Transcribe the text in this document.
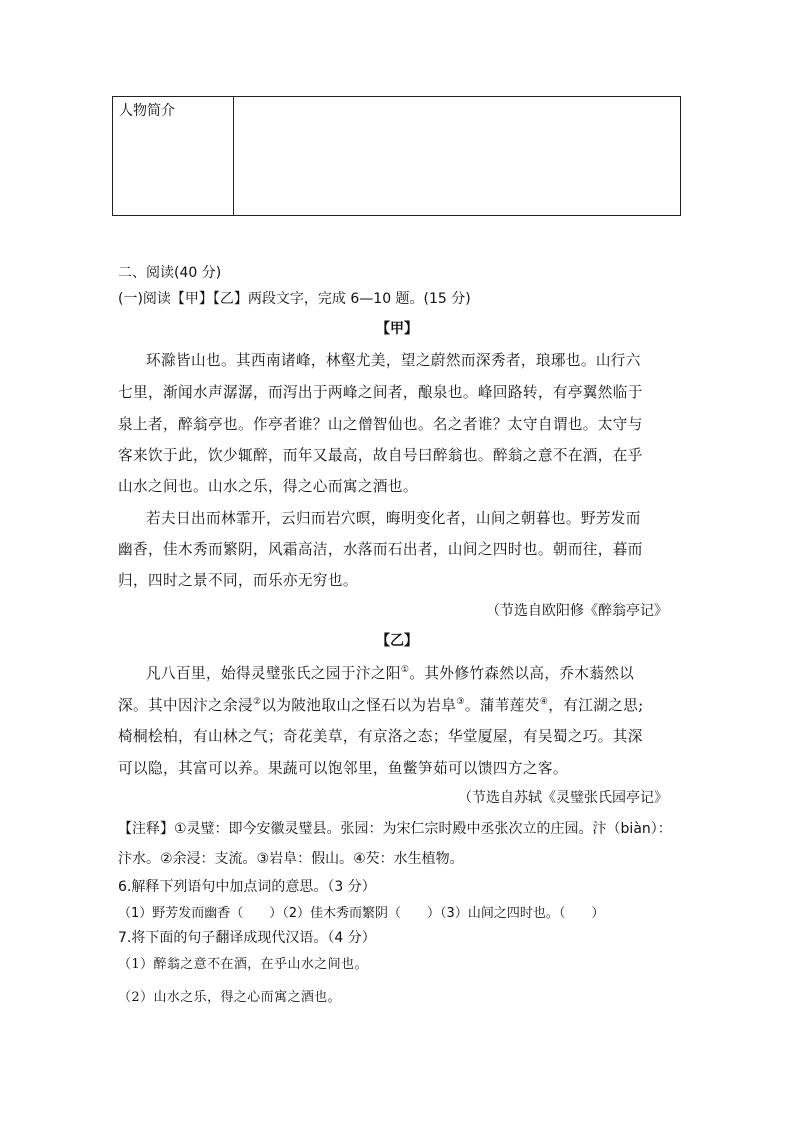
人物简介	
二、阅读(40 分)
(一)阅读【甲】【乙】两段文字，完成 6—10 题。(15 分)
【甲】
环滁皆山也。其西南诸峰，林壑尤美，望之蔚然而深秀者，琅琊也。山行六
七里，渐闻水声潺潺，而泻出于两峰之间者，酿泉也。峰回路转，有亭翼然临于
泉上者，醉翁亭也。作亭者谁？山之僧智仙也。名之者谁？太守自谓也。太守与
客来饮于此，饮少辄醉，而年又最高，故自号曰醉翁也。醉翁之意不在酒，在乎
山水之间也。山水之乐，得之心而寓之酒也。
若夫日出而林霏开，云归而岩穴暝，晦明变化者，山间之朝暮也。野芳发而
幽香，佳木秀而繁阴，风霜高洁，水落而石出者，山间之四时也。朝而往，暮而
归，四时之景不同，而乐亦无穷也。
（节选自欧阳修《醉翁亭记》
【乙】
凡八百里，始得灵璧张氏之园于汴之阳①。其外修竹森然以高，乔木蓊然以
深。其中因汴之余浸②以为陂池取山之怪石以为岩阜③。蒲苇莲芡④，有江湖之思;
椅桐桧柏，有山林之气；奇花美草，有京洛之态；华堂厦屋，有吴蜀之巧。其深
可以隐，其富可以养。果蔬可以饱邻里，鱼鳖笋茹可以馈四方之客。
（节选自苏轼《灵璧张氏园亭记》
【注释】①灵璧：即今安徽灵璧县。张园：为宋仁宗时殿中丞张次立的庄园。汴（biàn）：
汴水。②余浸：支流。③岩阜：假山。④芡：水生植物。
6.解释下列语句中加点词的意思。（3 分）
（1）野芳发而幽香（　　）（2）佳木秀而繁阴（　　）（3）山间之四时也。（　　）
7.将下面的句子翻译成现代汉语。（4 分）
（1）醉翁之意不在酒，在乎山水之间也。
（2）山水之乐，得之心而寓之酒也。
